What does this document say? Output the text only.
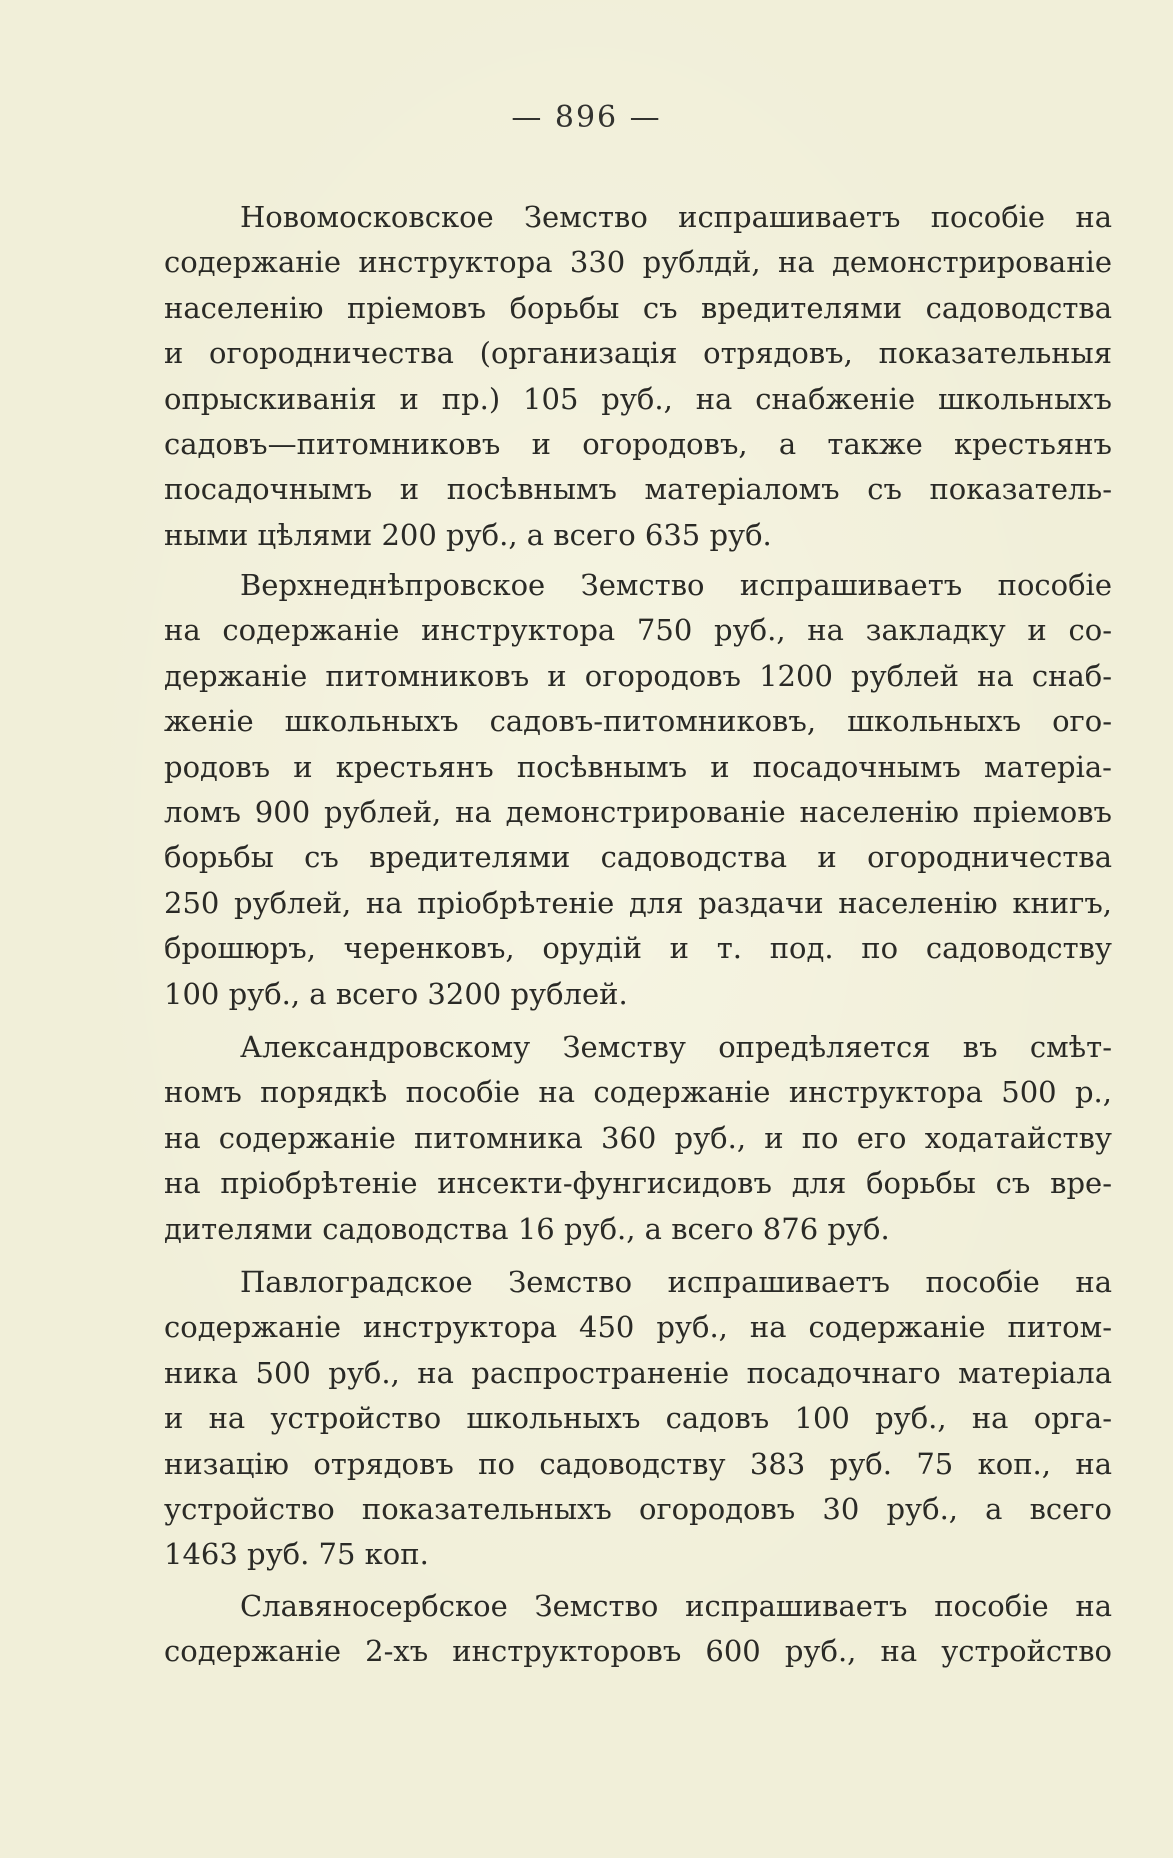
— 896 —
Новомосковское Земство испрашиваетъ пособіе на
содержаніе инструктора 330 рублдй, на демонстрированіе
населенію пріемовъ борьбы съ вредителями садоводства
и огородничества (организація отрядовъ, показательныя
опрыскиванія и пр.) 105 руб., на снабженіе школьныхъ
садовъ—питомниковъ и огородовъ, а также крестьянъ
посадочнымъ и посѣвнымъ матеріаломъ съ показатель-
ными цѣлями 200 руб., а всего 635 руб.
Верхнеднѣпровское Земство испрашиваетъ пособіе
на содержаніе инструктора 750 руб., на закладку и со-
держаніе питомниковъ и огородовъ 1200 рублей на снаб-
женіе школьныхъ садовъ-питомниковъ, школьныхъ ого-
родовъ и крестьянъ посѣвнымъ и посадочнымъ матеріа-
ломъ 900 рублей, на демонстрированіе населенію пріемовъ
борьбы съ вредителями садоводства и огородничества
250 рублей, на пріобрѣтеніе для раздачи населенію книгъ,
брошюръ, черенковъ, орудій и т. под. по садоводству
100 руб., а всего 3200 рублей.
Александровскому Земству опредѣляется въ смѣт-
номъ порядкѣ пособіе на содержаніе инструктора 500 р.,
на содержаніе питомника 360 руб., и по его ходатайству
на пріобрѣтеніе инсекти-фунгисидовъ для борьбы съ вре-
дителями садоводства 16 руб., а всего 876 руб.
Павлоградское Земство испрашиваетъ пособіе на
содержаніе инструктора 450 руб., на содержаніе питом-
ника 500 руб., на распространеніе посадочнаго матеріала
и на устройство школьныхъ садовъ 100 руб., на орга-
низацію отрядовъ по садоводству 383 руб. 75 коп., на
устройство показательныхъ огородовъ 30 руб., а всего
1463 руб. 75 коп.
Славяносербское Земство испрашиваетъ пособіе на
содержаніе 2-хъ инструкторовъ 600 руб., на устройство
